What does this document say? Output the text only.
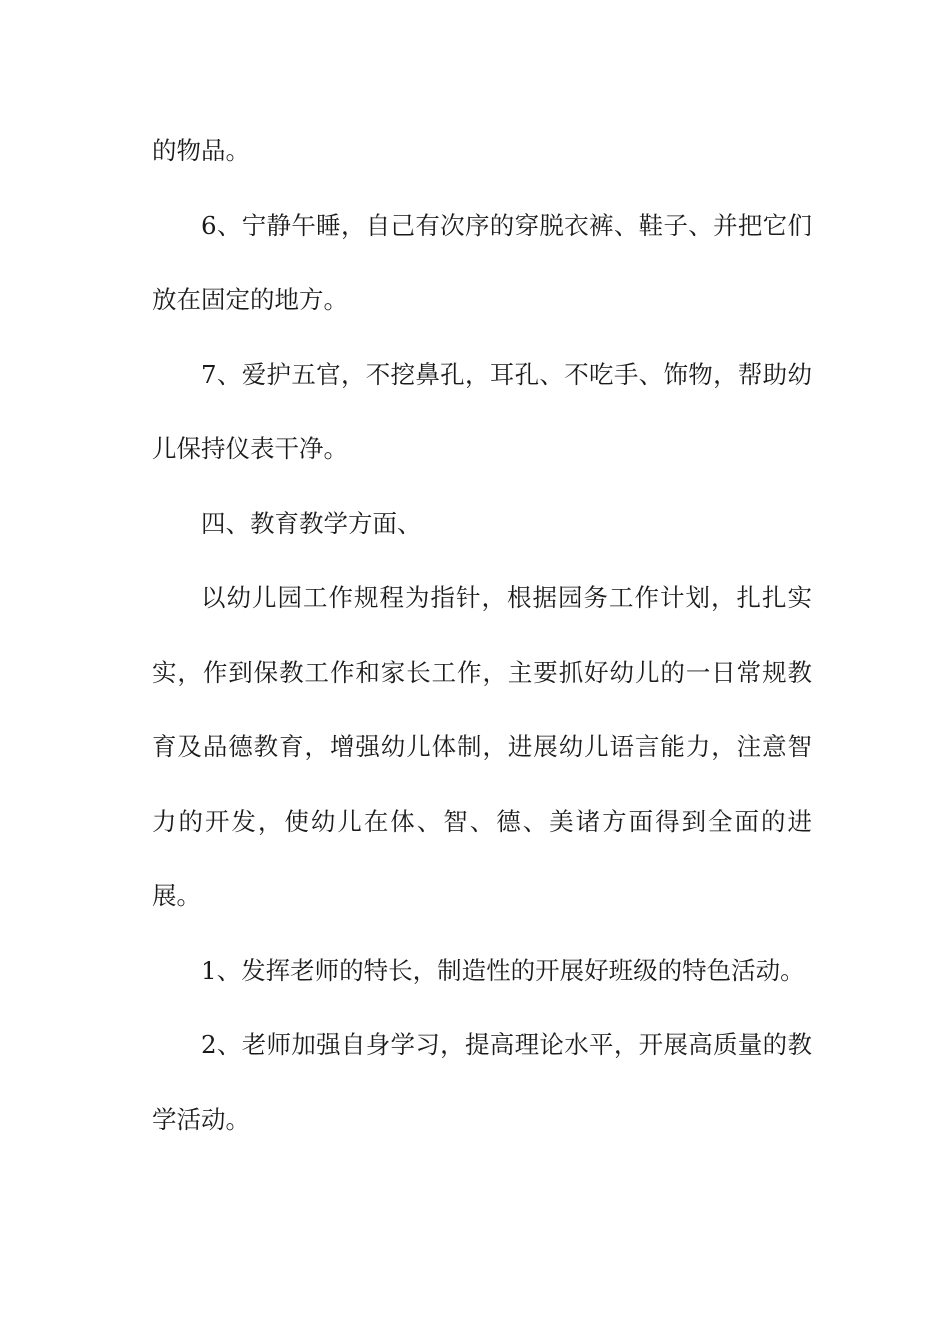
的物品。

6、宁静午睡，自己有次序的穿脱衣裤、鞋子、并把它们放在固定的地方。

7、爱护五官，不挖鼻孔，耳孔、不吃手、饰物，帮助幼儿保持仪表干净。

四、教育教学方面、

以幼儿园工作规程为指针，根据园务工作计划，扎扎实实，作到保教工作和家长工作，主要抓好幼儿的一日常规教育及品德教育，增强幼儿体制，进展幼儿语言能力，注意智力的开发，使幼儿在体、智、德、美诸方面得到全面的进展。

1、发挥老师的特长，制造性的开展好班级的特色活动。

2、老师加强自身学习，提高理论水平，开展高质量的教学活动。
